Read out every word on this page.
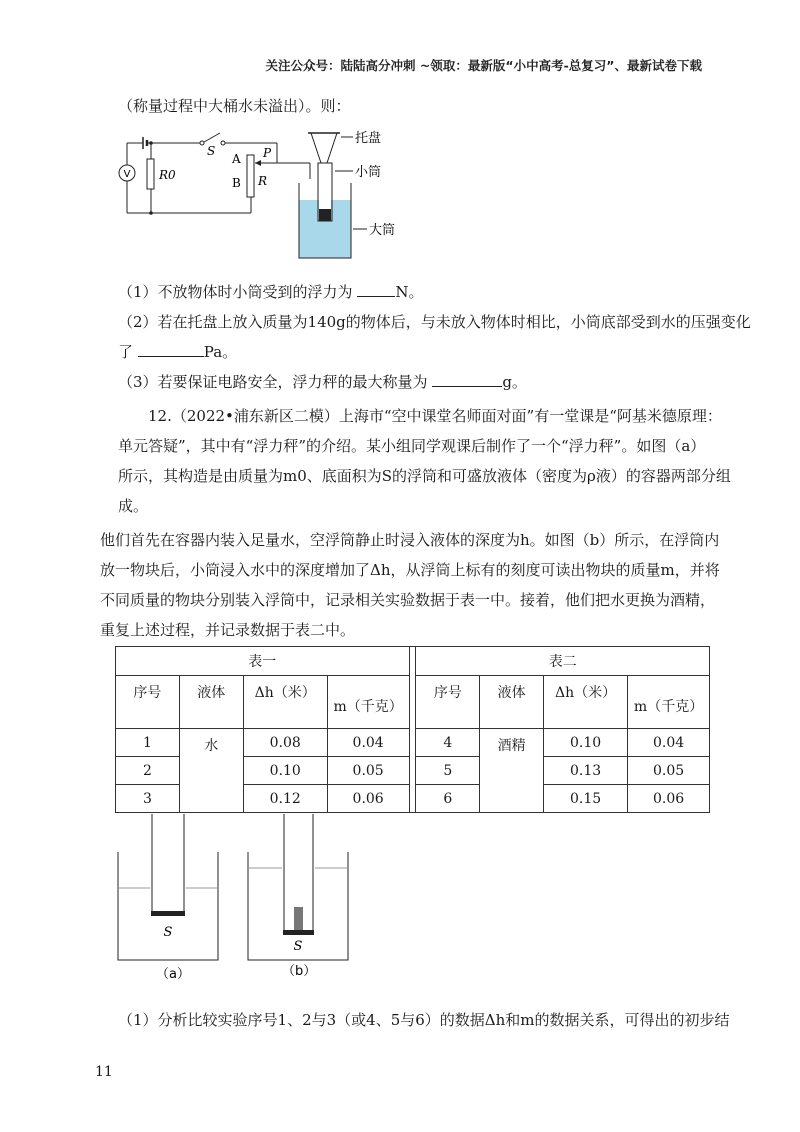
关注公众号：陆陆高分冲刺 ~领取：最新版“小中高考-总复习”、最新试卷下载
（称量过程中大桶水未溢出）。则：
V R0
S
A
B R
P
托盘
小筒
大筒
（1）不放物体时小筒受到的浮力为	N。
（2）若在托盘上放入质量为140g的物体后，与未放入物体时相比，小筒底部受到水的压强变化
了	Pa。
（3）若要保证电路安全，浮力秤的最大称量为	g。
12.（2022•浦东新区二模）上海市“空中课堂名师面对面”有一堂课是“阿基米德原理：
单元答疑”，其中有“浮力秤”的介绍。某小组同学观课后制作了一个“浮力秤”。如图（a）
所示，其构造是由质量为m0、底面积为S的浮筒和可盛放液体（密度为ρ液）的容器两部分组
成。
他们首先在容器内装入足量水，空浮筒静止时浸入液体的深度为h。如图（b）所示，在浮筒内
放一物块后，小筒浸入水中的深度增加了Δh，从浮筒上标有的刻度可读出物块的质量m，并将
不同质量的物块分别装入浮筒中，记录相关实验数据于表一中。接着，他们把水更换为酒精，
重复上述过程，并记录数据于表二中。
表一					表二			
序号	液体	Δh（米）	m（千克）		序号	液体	Δh（米）	m（千克）

1	水	0.08	0.04		4	酒精	0.10	0.04
2		0.10	0.05		5		0.13	0.05
3		0.12	0.06		6		0.15	0.06
S
（a）
S
（b）
（1）分析比较实验序号1、2与3（或4、5与6）的数据Δh和m的数据关系，可得出的初步结
11
